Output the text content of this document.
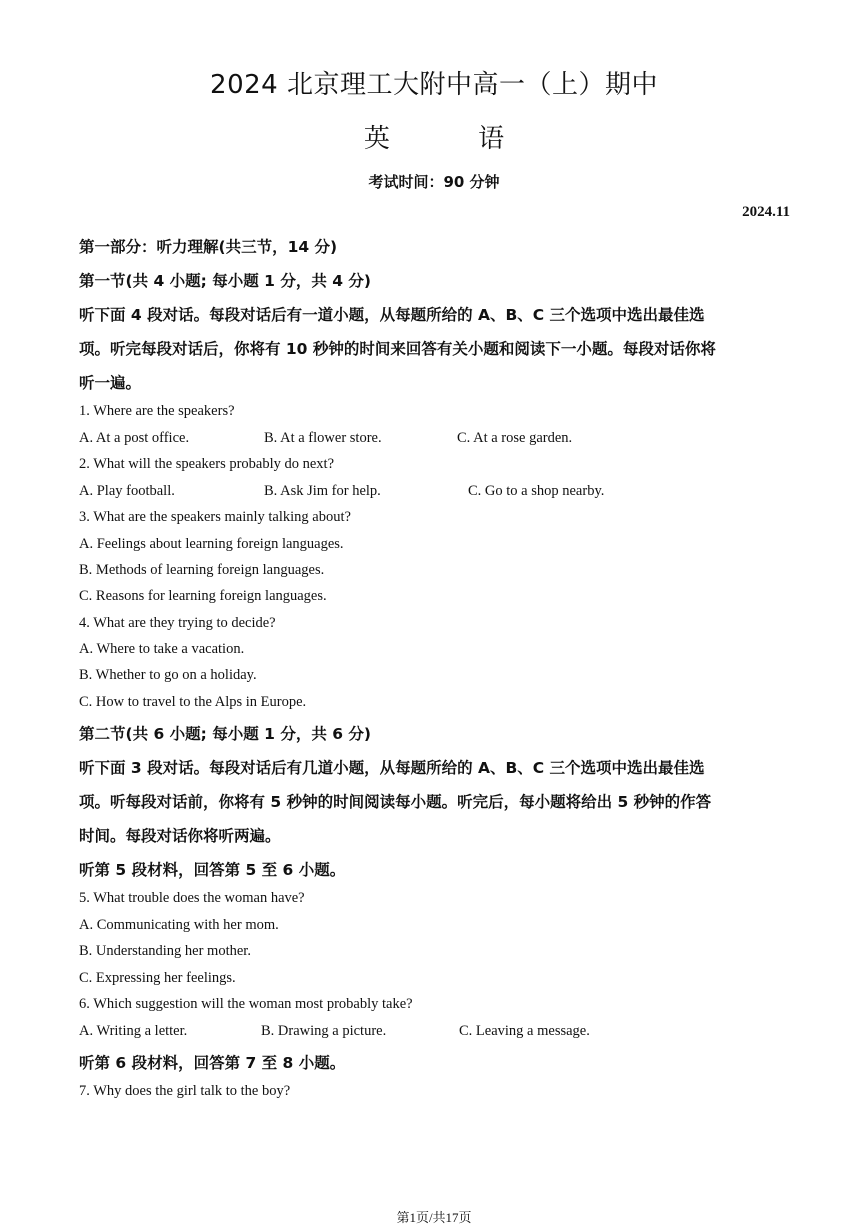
2024 北京理工大附中高一（上）期中
英 语
考试时间：90 分钟
2024.11
第一部分：听力理解(共三节，14 分)
第一节(共 4 小题; 每小题 1 分，共 4 分)
听下面 4 段对话。每段对话后有一道小题，从每题所给的 A、B、C 三个选项中选出最佳选
项。听完每段对话后，你将有 10 秒钟的时间来回答有关小题和阅读下一小题。每段对话你将
听一遍。
1. Where are the speakers?
A. At a post office.	B. At a flower store.	C. At a rose garden.
2. What will the speakers probably do next?
A. Play football.	B. Ask Jim for help.	C. Go to a shop nearby.
3. What are the speakers mainly talking about?
A. Feelings about learning foreign languages.
B. Methods of learning foreign languages.
C. Reasons for learning foreign languages.
4. What are they trying to decide?
A. Where to take a vacation.
B. Whether to go on a holiday.
C. How to travel to the Alps in Europe.
第二节(共 6 小题; 每小题 1 分，共 6 分)
听下面 3 段对话。每段对话后有几道小题，从每题所给的 A、B、C 三个选项中选出最佳选
项。听每段对话前，你将有 5 秒钟的时间阅读每小题。听完后，每小题将给出 5 秒钟的作答
时间。每段对话你将听两遍。
听第 5 段材料，回答第 5 至 6 小题。
5. What trouble does the woman have?
A. Communicating with her mom.
B. Understanding her mother.
C. Expressing her feelings.
6. Which suggestion will the woman most probably take?
A. Writing a letter.	B. Drawing a picture.	C. Leaving a message.
听第 6 段材料，回答第 7 至 8 小题。
7. Why does the girl talk to the boy?
第1页/共17页
